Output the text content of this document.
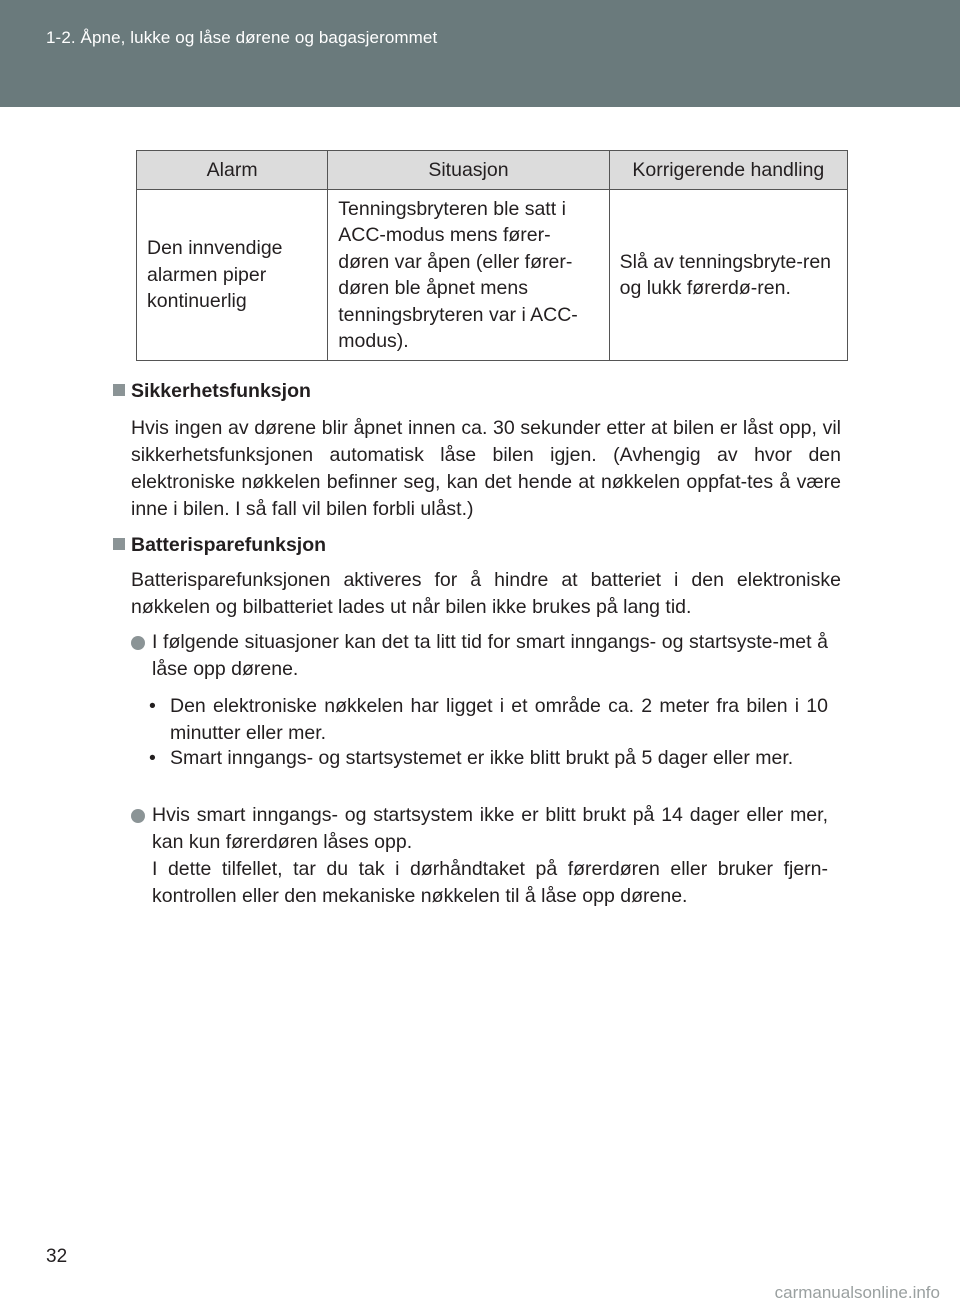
1-2. Åpne, lukke og låse dørene og bagasjerommet
Alarm	Situasjon	Korrigerende handling
Den innvendige alarmen piper kontinuerlig	Tenningsbryteren ble satt i ACC-modus mens fører-døren var åpen (eller fører-døren ble åpnet mens tenningsbryteren var i ACC-modus).	Slå av tenningsbryte-ren og lukk førerdø-ren.
Sikkerhetsfunksjon
Hvis ingen av dørene blir åpnet innen ca. 30 sekunder etter at bilen er låst opp, vil sikkerhetsfunksjonen automatisk låse bilen igjen. (Avhengig av hvor den elektroniske nøkkelen befinner seg, kan det hende at nøkkelen oppfat-tes å være inne i bilen. I så fall vil bilen forbli ulåst.)
Batterisparefunksjon
Batterisparefunksjonen aktiveres for å hindre at batteriet i den elektroniske nøkkelen og bilbatteriet lades ut når bilen ikke brukes på lang tid.
I følgende situasjoner kan det ta litt tid for smart inngangs- og startsyste-met å låse opp dørene.
• Den elektroniske nøkkelen har ligget i et område ca. 2 meter fra bilen i 10 minutter eller mer.
• Smart inngangs- og startsystemet er ikke blitt brukt på 5 dager eller mer.
Hvis smart inngangs- og startsystem ikke er blitt brukt på 14 dager eller mer, kan kun førerdøren låses opp.
I dette tilfellet, tar du tak i dørhåndtaket på førerdøren eller bruker fjern-kontrollen eller den mekaniske nøkkelen til å låse opp dørene.
32
carmanualsonline.info
